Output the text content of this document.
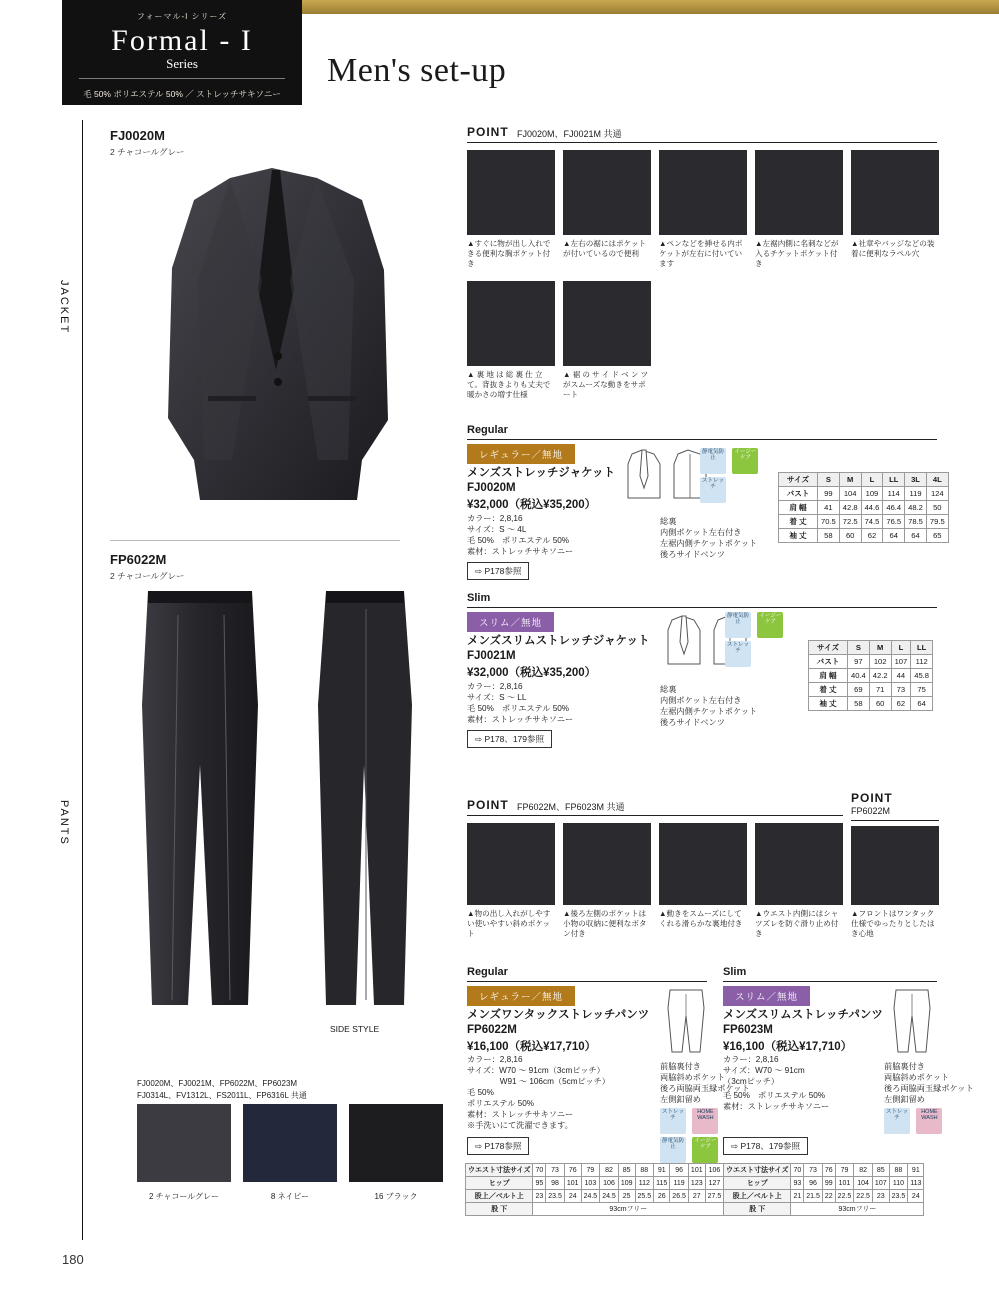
フォーマル-I シリーズ
Formal - I
Series
毛 50% ポリエステル 50% ／ ストレッチサキソニー
Men's set-up
JACKET
PANTS
180
FJ0020M
2 チャコールグレー
FP6022M
2 チャコールグレー
SIDE STYLE
FJ0020M、FJ0021M、FP6022M、FP6023M
FJ0314L、FV1312L、FS2011L、FP6316L 共通
2 チャコールグレー	8 ネイビー	16 ブラック
POINT FJ0020M、FJ0021M 共通
▲すぐに物が出し入れできる便利な胸ポケット付き
▲左右の裾にはポケットが付いているので便利
▲ペンなどを挿せる内ポケットが左右に付いています
▲左裾内側に名刺などが入るチケットポケット付き
▲社章やバッジなどの装着に便利なラペル穴
▲ 裏 地 は 総 裏 仕 立て。背抜きよりも丈夫で暖かさの増す仕様
▲ 裾 の サ イ ド ベ ン ツがスムーズな動きをサポート
Regular
レギュラー／無地
メンズストレッチジャケット
FJ0020M
¥32,000（税込¥35,200）
カラー：2,8,16
サイズ：S ～ 4L
毛 50%　ポリエステル 50%
素材：ストレッチサキソニー
⇨ P178参照
静電気防止

イージーケア

ストレッチ
総裏
内側ポケット左右付き
左裾内側チケットポケット
後ろサイドベンツ
サイズ	S	M	L	LL	3L	4L
バスト	99	104	109	114	119	124
肩 幅	41	42.8	44.6	46.4	48.2	50
着 丈	70.5	72.5	74.5	76.5	78.5	79.5
袖 丈	58	60	62	64	64	65
Slim
スリム／無地
メンズスリムストレッチジャケット
FJ0021M
¥32,000（税込¥35,200）
カラー：2,8,16
サイズ：S ～ LL
毛 50%　ポリエステル 50%
素材：ストレッチサキソニー
⇨ P178、179参照
静電気防止

イージーケア

ストレッチ
総裏
内側ポケット左右付き
左裾内側チケットポケット
後ろサイドベンツ
サイズ	S	M	L	LL
バスト	97	102	107	112
肩 幅	40.4	42.2	44	45.8
着 丈	69	71	73	75
袖 丈	58	60	62	64
POINT FP6022M、FP6023M 共通
▲物の出し入れがしやすい使いやすい斜めポケット
▲後ろ左側のポケットは小物の収納に便利なボタン付き
▲動きをスムーズにしてくれる滑らかな裏地付き
▲ウエスト内側にはシャツズレを防ぐ滑り止め付き
POINT
FP6022M
▲フロントはワンタック仕様でゆったりとしたはき心地
Regular
レギュラー／無地
メンズワンタックストレッチパンツ
FP6022M
¥16,100（税込¥17,710）
カラー：2,8,16
サイズ：W70 ～ 91cm（3cmピッチ）
　　　　W91 ～ 106cm（5cmピッチ）
毛 50%
ポリエステル 50%
素材：ストレッチサキソニー
※手洗いにて洗濯できます。
⇨ P178参照
前脇裏付き
両脇斜めポケット
後ろ両脇両玉縁ポケット
左側釦留め
ストレッチ

HOME WASH

静電気防止

イージーケア
ウエスト寸法サイズ	70	73	76	79	82	85	88	91	96	101	106
ヒップ	95	98	101	103	106	109	112	115	119	123	127
股上／ベルト上	23	23.5	24	24.5	24.5	25	25.5	26	26.5	27	27.5
股 下	93cmフリー										
Slim
スリム／無地
メンズスリムストレッチパンツ
FP6023M
¥16,100（税込¥17,710）
カラー：2,8,16
サイズ：W70 ～ 91cm
（3cmピッチ）
毛 50%　ポリエステル 50%
素材：ストレッチサキソニー
⇨ P178、179参照
前脇裏付き
両脇斜めポケット
後ろ両脇両玉縁ポケット
左側釦留め
ストレッチ

HOME WASH
ウエスト寸法サイズ	70	73	76	79	82	85	88	91
ヒップ	93	96	99	101	104	107	110	113
股上／ベルト上	21	21.5	22	22.5	22.5	23	23.5	24
股 下	93cmフリー							
